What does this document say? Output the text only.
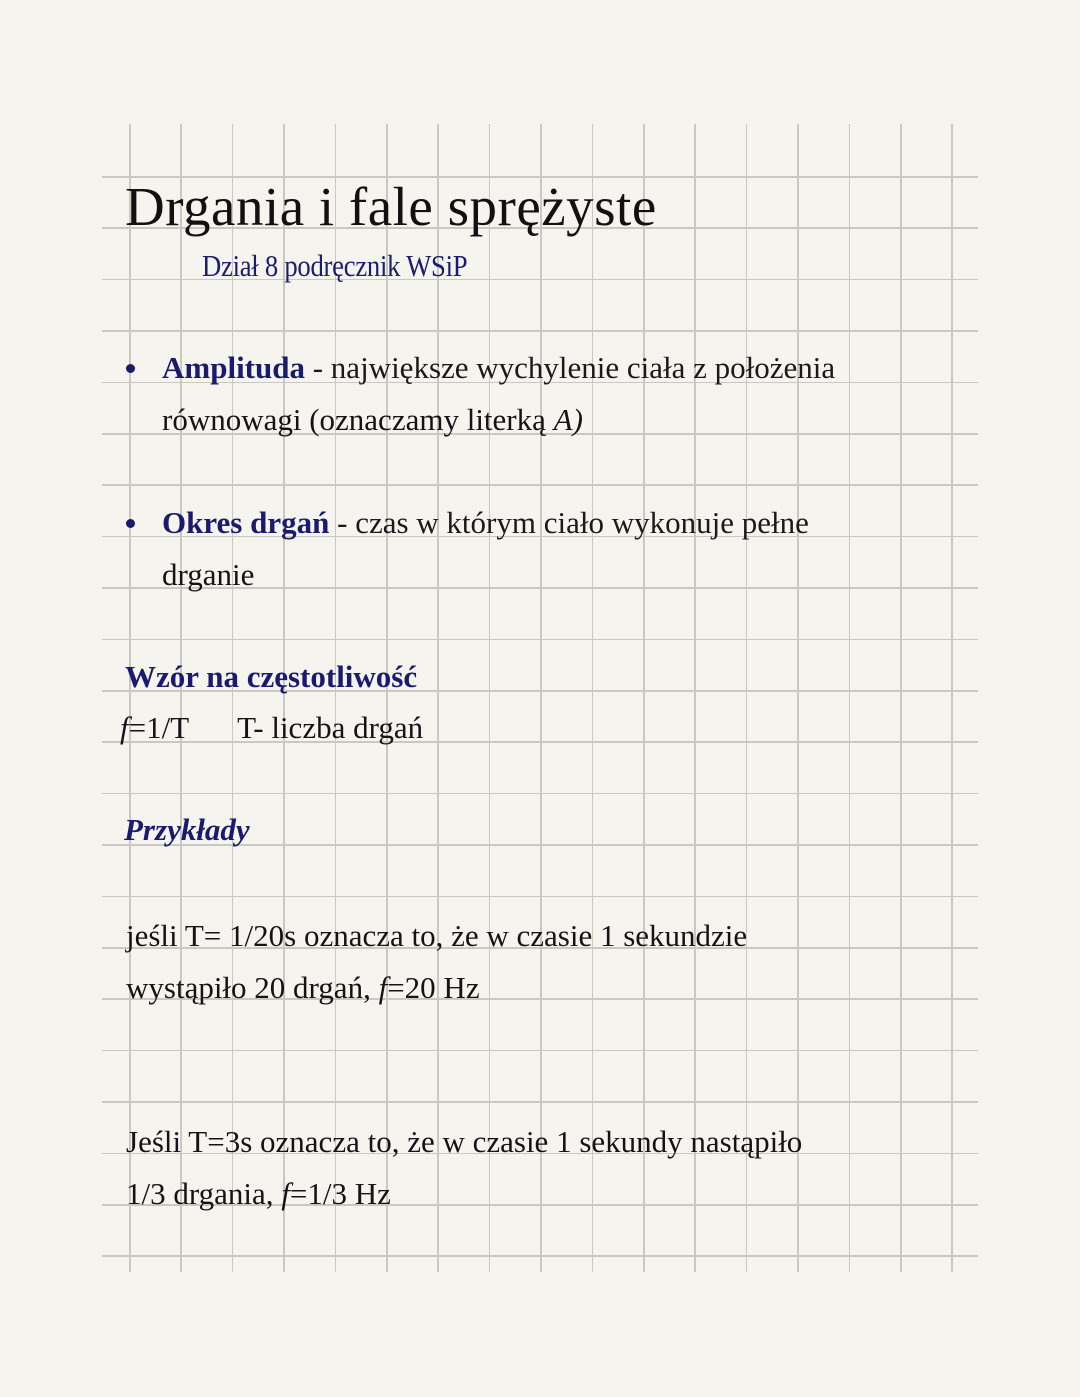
Drgania i fale sprężyste
Dział 8 podręcznik WSiP
Amplituda - największe wychylenie ciała z położenia
równowagi (oznaczamy literką A)
Okres drgań - czas w którym ciało wykonuje pełne
drganie
Wzór na częstotliwość
f=1/T T- liczba drgań
Przykłady
jeśli T= 1/20s oznacza to, że w czasie 1 sekundzie
wystąpiło 20 drgań, f=20 Hz
Jeśli T=3s oznacza to, że w czasie 1 sekundy nastąpiło
1/3 drgania, f=1/3 Hz
